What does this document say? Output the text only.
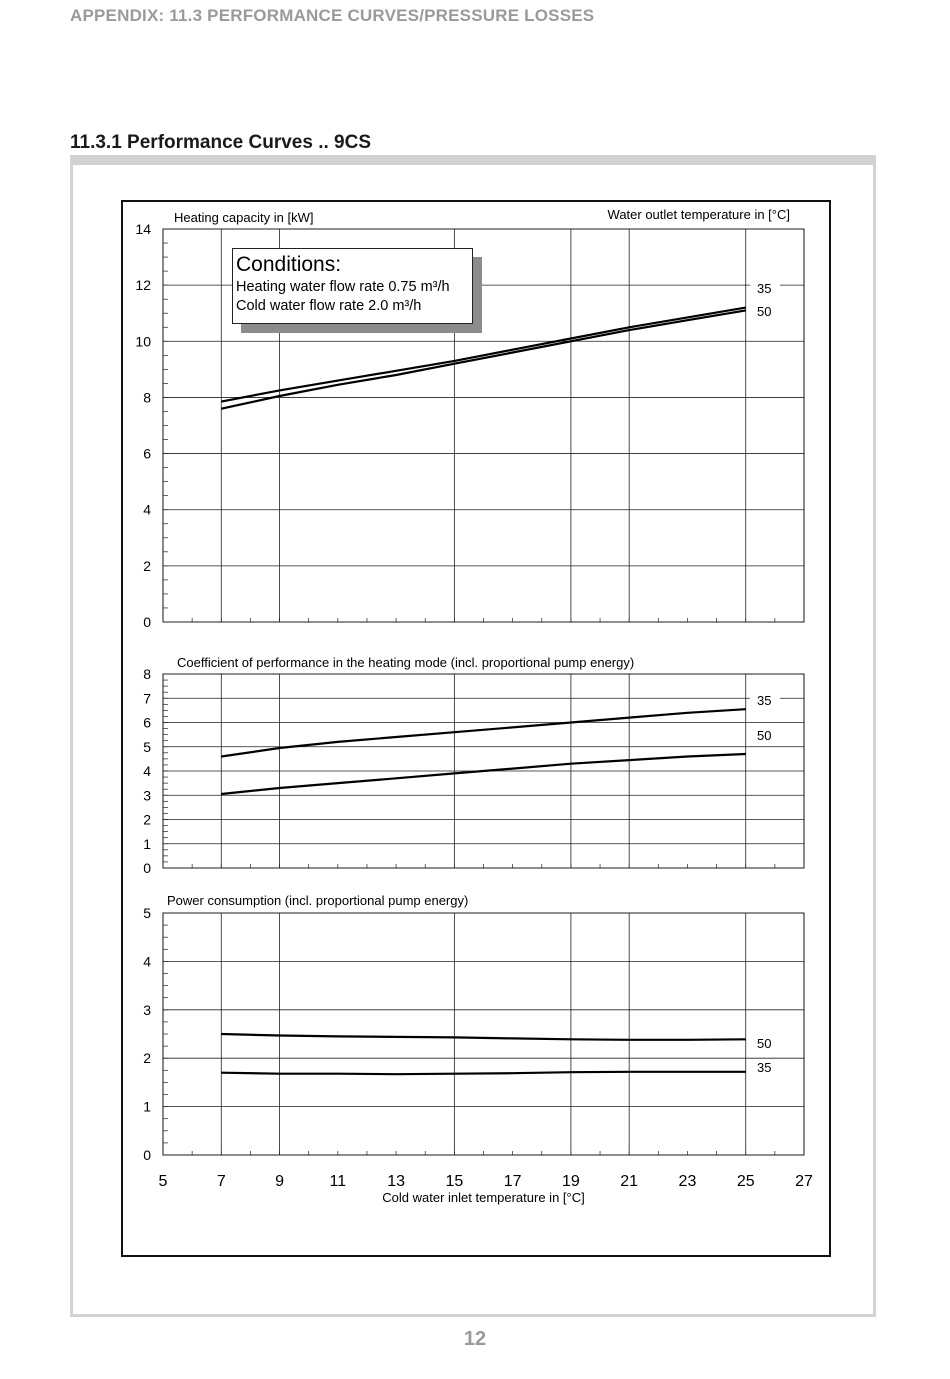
APPENDIX: 11.3 PERFORMANCE CURVES/PRESSURE LOSSES
11.3.1 Performance Curves .. 9CS
0
2
4
6
8
10
12
14
Heating capacity in [kW]	Water outlet temperature in [°C]
35
50
0
1
2
3
4
5
6
7
8
Coefficient of performance in the heating mode (incl. proportional pump energy)
35
50
0
1
2
3
4
5
Power consumption (incl. proportional pump energy)
50
35
5	7	9	11	13	15	17	19	21	23	25	27
Cold water inlet temperature in [°C]
Conditions:
Heating water flow rate 0.75 m³/h
Cold water flow rate 2.0 m³/h
12
